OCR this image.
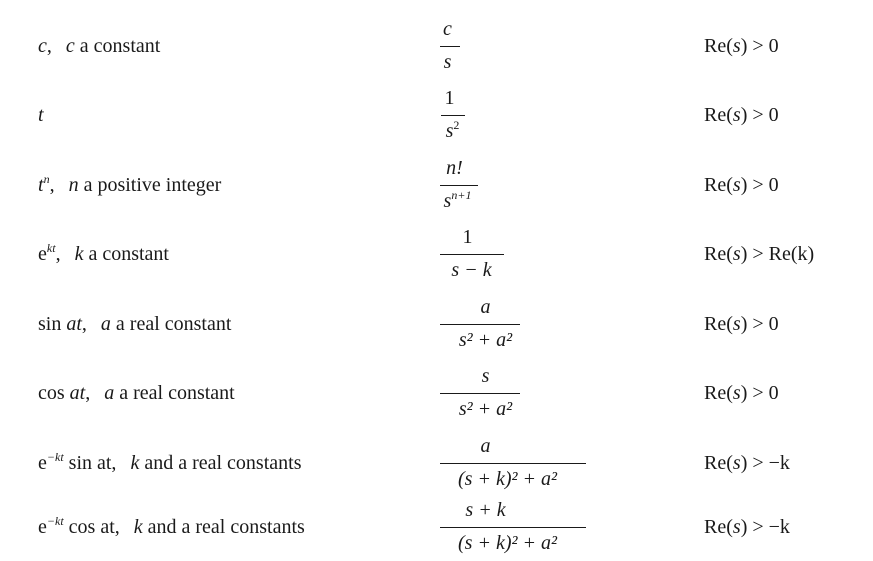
c, c a constant
c
s
Re(s) > 0
t
1
$s^2$	Re(s) > 0
$t^n$, n a positive integer
n!
$s^{n+1}$	Re(s) > 0
$e^{kt}$, k a constant
1
s − k
Re(s) > Re(k)
sin at, a a real constant
a
s² + a²
Re(s) > 0
cos at, a a real constant
s
s² + a²
Re(s) > 0
$e^{-kt}$ sin at, k and a real constants
a
(s + k)² + a²
Re(s) > −k
$e^{-kt}$ cos at, k and a real constants
s + k
(s + k)² + a²
Re(s) > −k
